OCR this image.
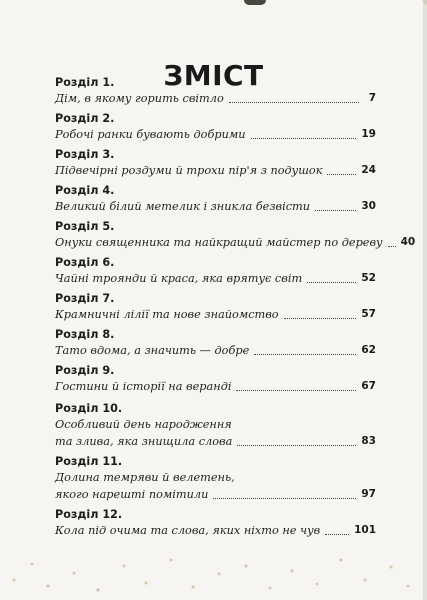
ЗМІСТ
Розділ 1.
Дім, в якому горить світло	7
Розділ 2.
Робочі ранки бувають добрими	19
Розділ 3.
Підвечірні роздуми й трохи пір'я з подушок	24
Розділ 4.
Великий білий метелик і зникла безвісти	30
Розділ 5.
Онуки священника та найкращий майстер по дереву 40
Розділ 6.
Чайні троянди й краса, яка врятує світ	52
Розділ 7.
Крамничні лілії та нове знайомство	57
Розділ 8.
Тато вдома, а значить — добре	62
Розділ 9.
Гостини й історії на веранді	67
Розділ 10.
Особливий день народження
та злива, яка знищила слова	83
Розділ 11.
Долина темряви й велетень,
якого нарешті помітили	97
Розділ 12.
Кола під очима та слова, яких ніхто не чув	101
